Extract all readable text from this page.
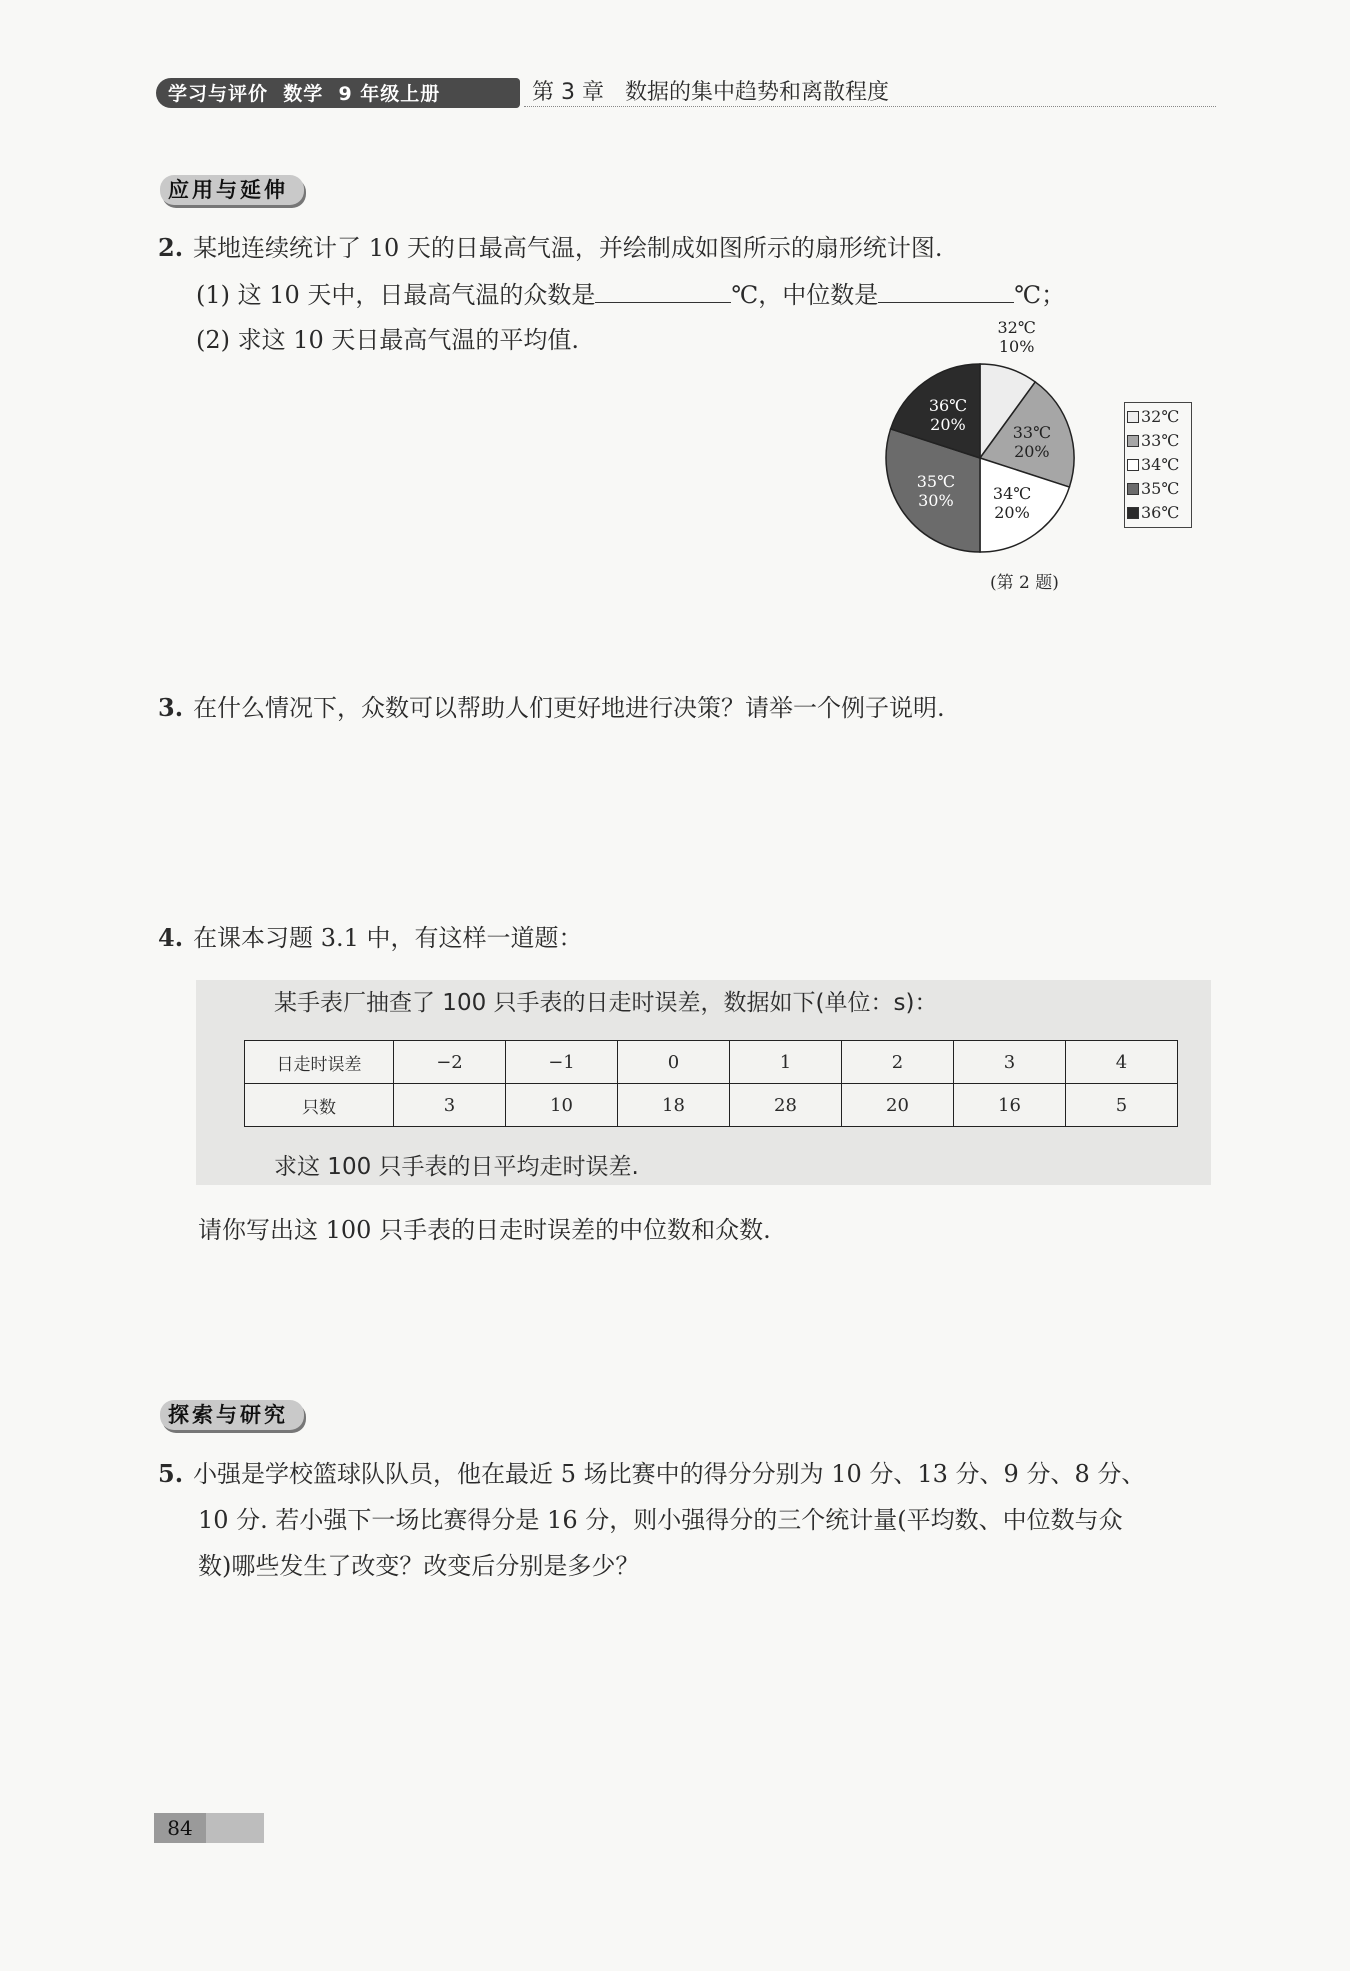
学习与评价  数学  9 年级上册	第 3 章   数据的集中趋势和离散程度
应用与延伸
2. 某地连续统计了 10 天的日最高气温，并绘制成如图所示的扇形统计图.
(1) 这 10 天中，日最高气温的众数是	℃，中位数是	℃；
(2) 求这 10 天日最高气温的平均值.	32℃
10%
33℃
20%
34℃
20%
35℃
30%
36℃
20%	32℃
33℃
34℃
35℃
36℃
(第 2 题)
3. 在什么情况下，众数可以帮助人们更好地进行决策？请举一个例子说明.
4. 在课本习题 3.1 中，有这样一道题：
某手表厂抽查了 100 只手表的日走时误差，数据如下(单位：s)：
日走时误差	−2	−1	0	1	2	3	4
只数	3	10	18	28	20	16	5
求这 100 只手表的日平均走时误差.
请你写出这 100 只手表的日走时误差的中位数和众数.
探索与研究
5. 小强是学校篮球队队员，他在最近 5 场比赛中的得分分别为 10 分、13 分、9 分、8 分、
10 分. 若小强下一场比赛得分是 16 分，则小强得分的三个统计量(平均数、中位数与众
数)哪些发生了改变？改变后分别是多少？
84
